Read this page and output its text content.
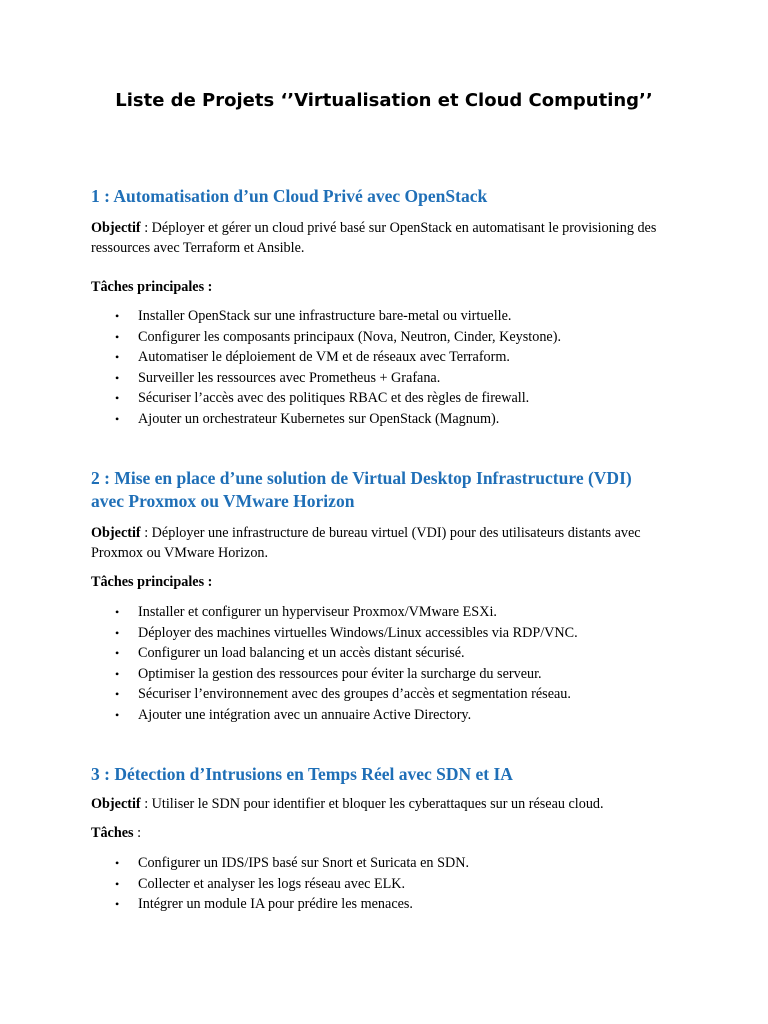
Liste de Projets ‘’Virtualisation et Cloud Computing’’
1 : Automatisation d’un Cloud Privé avec OpenStack

Objectif : Déployer et gérer un cloud privé basé sur OpenStack en automatisant le provisioning des ressources avec Terraform et Ansible.

Tâches principales :

• Installer OpenStack sur une infrastructure bare-metal ou virtuelle.
• Configurer les composants principaux (Nova, Neutron, Cinder, Keystone).
• Automatiser le déploiement de VM et de réseaux avec Terraform.
• Surveiller les ressources avec Prometheus + Grafana.
• Sécuriser l’accès avec des politiques RBAC et des règles de firewall.
• Ajouter un orchestrateur Kubernetes sur OpenStack (Magnum).
2 : Mise en place d’une solution de Virtual Desktop Infrastructure (VDI)
avec Proxmox ou VMware Horizon

Objectif : Déployer une infrastructure de bureau virtuel (VDI) pour des utilisateurs distants avec Proxmox ou VMware Horizon.

Tâches principales :

• Installer et configurer un hyperviseur Proxmox/VMware ESXi.
• Déployer des machines virtuelles Windows/Linux accessibles via RDP/VNC.
• Configurer un load balancing et un accès distant sécurisé.
• Optimiser la gestion des ressources pour éviter la surcharge du serveur.
• Sécuriser l’environnement avec des groupes d’accès et segmentation réseau.
• Ajouter une intégration avec un annuaire Active Directory.
3 : Détection d’Intrusions en Temps Réel avec SDN et IA

Objectif : Utiliser le SDN pour identifier et bloquer les cyberattaques sur un réseau cloud.

Tâches :

• Configurer un IDS/IPS basé sur Snort et Suricata en SDN.
• Collecter et analyser les logs réseau avec ELK.
• Intégrer un module IA pour prédire les menaces.
